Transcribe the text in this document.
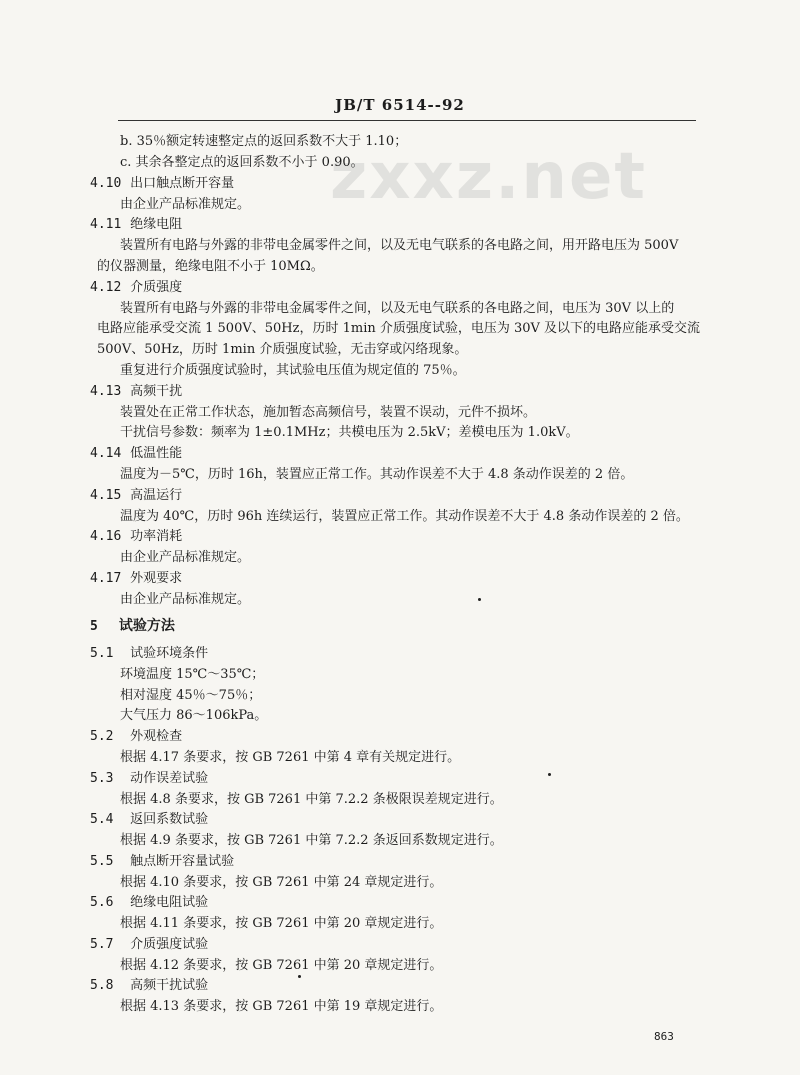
JB/T 6514--92
zxxz.net
b. 35％额定转速整定点的返回系数不大于 1.10；
c. 其余各整定点的返回系数不小于 0.90。
4.10 出口触点断开容量
由企业产品标准规定。
4.11 绝缘电阻
装置所有电路与外露的非带电金属零件之间，以及无电气联系的各电路之间，用开路电压为 500V
的仪器测量，绝缘电阻不小于 10MΩ。
4.12 介质强度
装置所有电路与外露的非带电金属零件之间，以及无电气联系的各电路之间，电压为 30V 以上的
电路应能承受交流 1 500V、50Hz，历时 1min 介质强度试验，电压为 30V 及以下的电路应能承受交流
500V、50Hz，历时 1min 介质强度试验，无击穿或闪络现象。
重复进行介质强度试验时，其试验电压值为规定值的 75％。
4.13 高频干扰
装置处在正常工作状态，施加暂态高频信号，装置不误动，元件不损坏。
干扰信号参数：频率为 1±0.1MHz；共模电压为 2.5kV；差模电压为 1.0kV。
4.14 低温性能
温度为－5℃，历时 16h，装置应正常工作。其动作误差不大于 4.8 条动作误差的 2 倍。
4.15 高温运行
温度为 40℃，历时 96h 连续运行，装置应正常工作。其动作误差不大于 4.8 条动作误差的 2 倍。
4.16 功率消耗
由企业产品标准规定。
4.17 外观要求
由企业产品标准规定。
5 试验方法
5.1 试验环境条件
环境温度 15℃～35℃；
相对湿度 45％～75％；
大气压力 86～106kPa。
5.2 外观检查
根据 4.17 条要求，按 GB 7261 中第 4 章有关规定进行。
5.3 动作误差试验
根据 4.8 条要求，按 GB 7261 中第 7.2.2 条极限误差规定进行。
5.4 返回系数试验
根据 4.9 条要求，按 GB 7261 中第 7.2.2 条返回系数规定进行。
5.5 触点断开容量试验
根据 4.10 条要求，按 GB 7261 中第 24 章规定进行。
5.6 绝缘电阻试验
根据 4.11 条要求，按 GB 7261 中第 20 章规定进行。
5.7 介质强度试验
根据 4.12 条要求，按 GB 7261 中第 20 章规定进行。
5.8 高频干扰试验
根据 4.13 条要求，按 GB 7261 中第 19 章规定进行。
863
